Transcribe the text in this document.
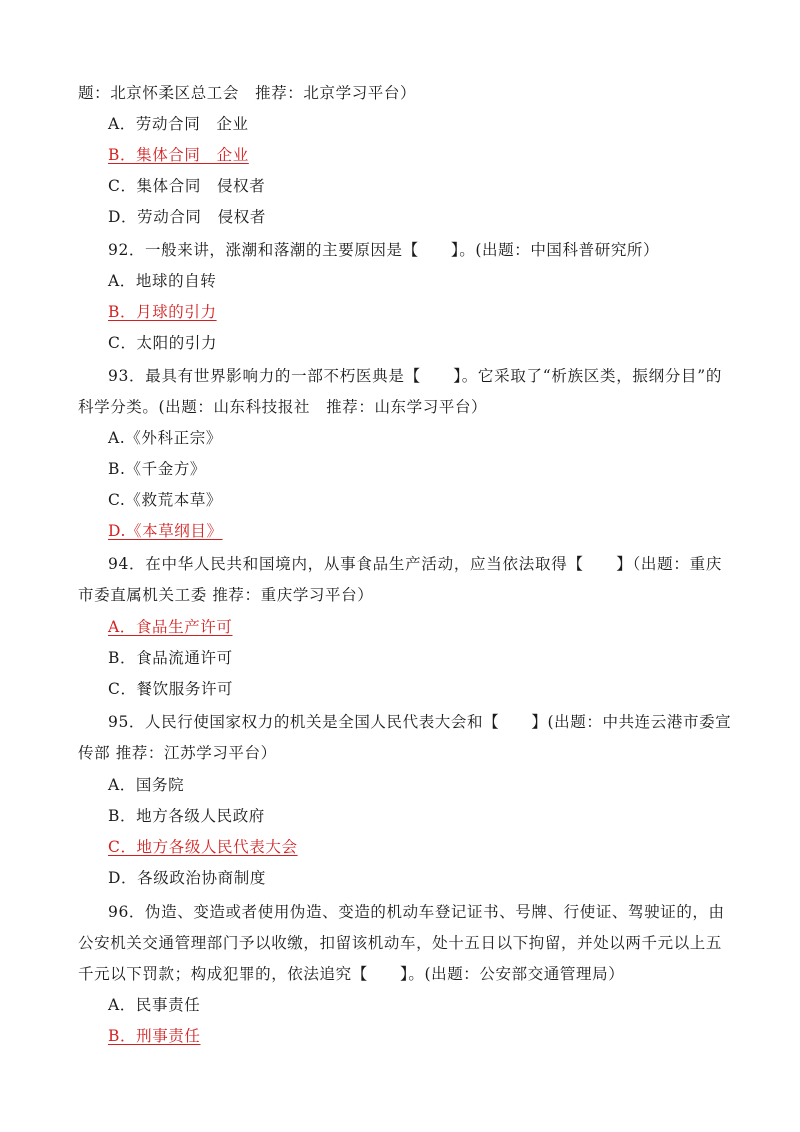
题：北京怀柔区总工会　推荐：北京学习平台）
A．劳动合同　企业
B．集体合同　企业
C．集体合同　侵权者
D．劳动合同　侵权者
92．一般来讲，涨潮和落潮的主要原因是【　　】。(出题：中国科普研究所）
A．地球的自转
B．月球的引力
C．太阳的引力
93．最具有世界影响力的一部不朽医典是【　　】。它采取了“析族区类，振纲分目”的
科学分类。(出题：山东科技报社　推荐：山东学习平台）
A.《外科正宗》
B.《千金方》
C.《救荒本草》
D.《本草纲目》
94．在中华人民共和国境内，从事食品生产活动，应当依法取得【　　】（出题：重庆
市委直属机关工委 推荐：重庆学习平台）
A．食品生产许可
B．食品流通许可
C．餐饮服务许可
95．人民行使国家权力的机关是全国人民代表大会和【　　】(出题：中共连云港市委宣
传部 推荐：江苏学习平台）
A．国务院
B．地方各级人民政府
C．地方各级人民代表大会
D．各级政治协商制度
96．伪造、变造或者使用伪造、变造的机动车登记证书、号牌、行使证、驾驶证的，由
公安机关交通管理部门予以收缴，扣留该机动车，处十五日以下拘留，并处以两千元以上五
千元以下罚款；构成犯罪的，依法追究【　　】。(出题：公安部交通管理局）
A．民事责任
B．刑事责任
